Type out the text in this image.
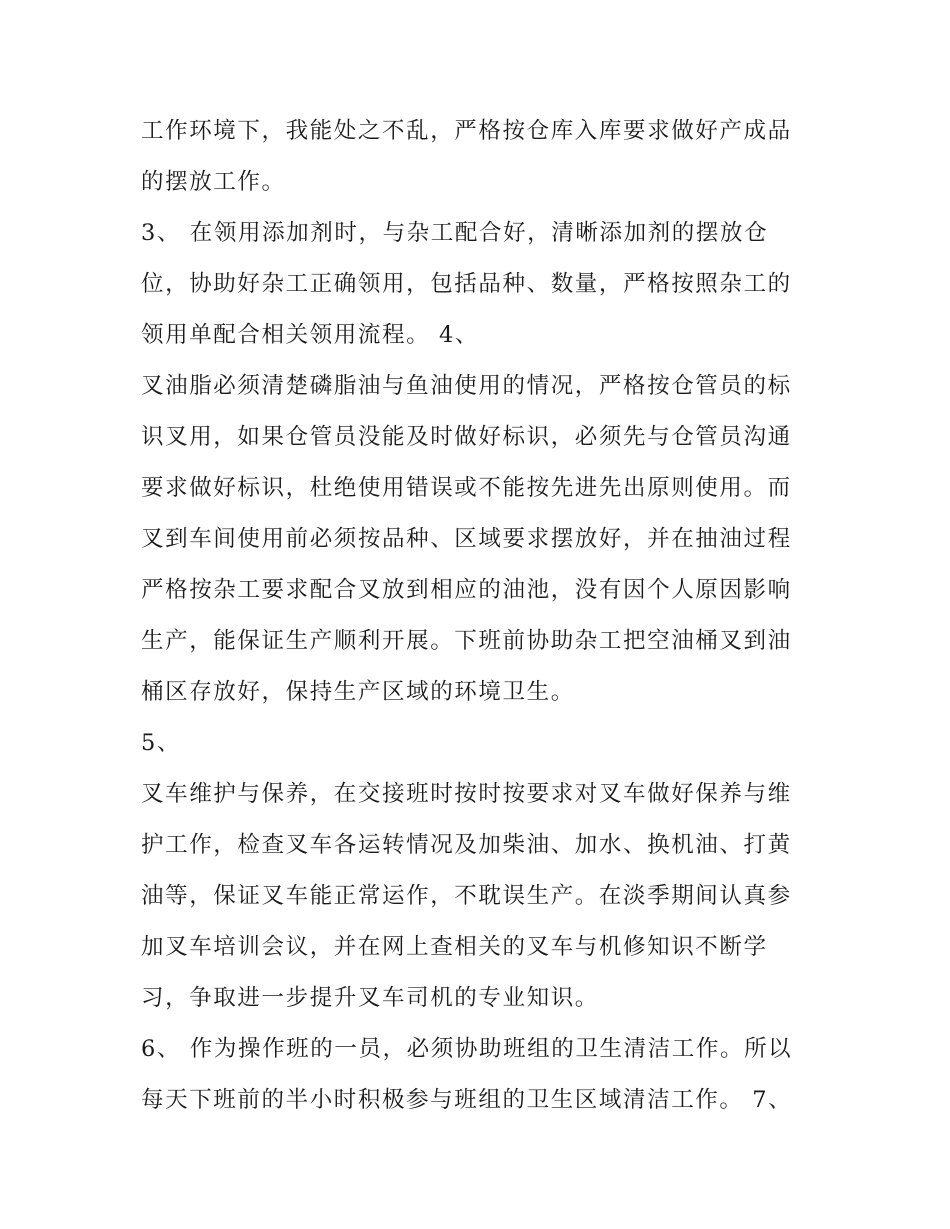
工作环境下，我能处之不乱，严格按仓库入库要求做好产成品
的摆放工作。
3、 在领用添加剂时，与杂工配合好，清晰添加剂的摆放仓
位，协助好杂工正确领用，包括品种、数量，严格按照杂工的
领用单配合相关领用流程。 4、
叉油脂必须清楚磷脂油与鱼油使用的情况，严格按仓管员的标
识叉用，如果仓管员没能及时做好标识，必须先与仓管员沟通
要求做好标识，杜绝使用错误或不能按先进先出原则使用。而
叉到车间使用前必须按品种、区域要求摆放好，并在抽油过程
严格按杂工要求配合叉放到相应的油池，没有因个人原因影响
生产，能保证生产顺利开展。下班前协助杂工把空油桶叉到油
桶区存放好，保持生产区域的环境卫生。
5、
叉车维护与保养，在交接班时按时按要求对叉车做好保养与维
护工作，检查叉车各运转情况及加柴油、加水、换机油、打黄
油等，保证叉车能正常运作，不耽误生产。在淡季期间认真参
加叉车培训会议，并在网上查相关的叉车与机修知识不断学
习，争取进一步提升叉车司机的专业知识。
6、 作为操作班的一员，必须协助班组的卫生清洁工作。所以
每天下班前的半小时积极参与班组的卫生区域清洁工作。 7、
